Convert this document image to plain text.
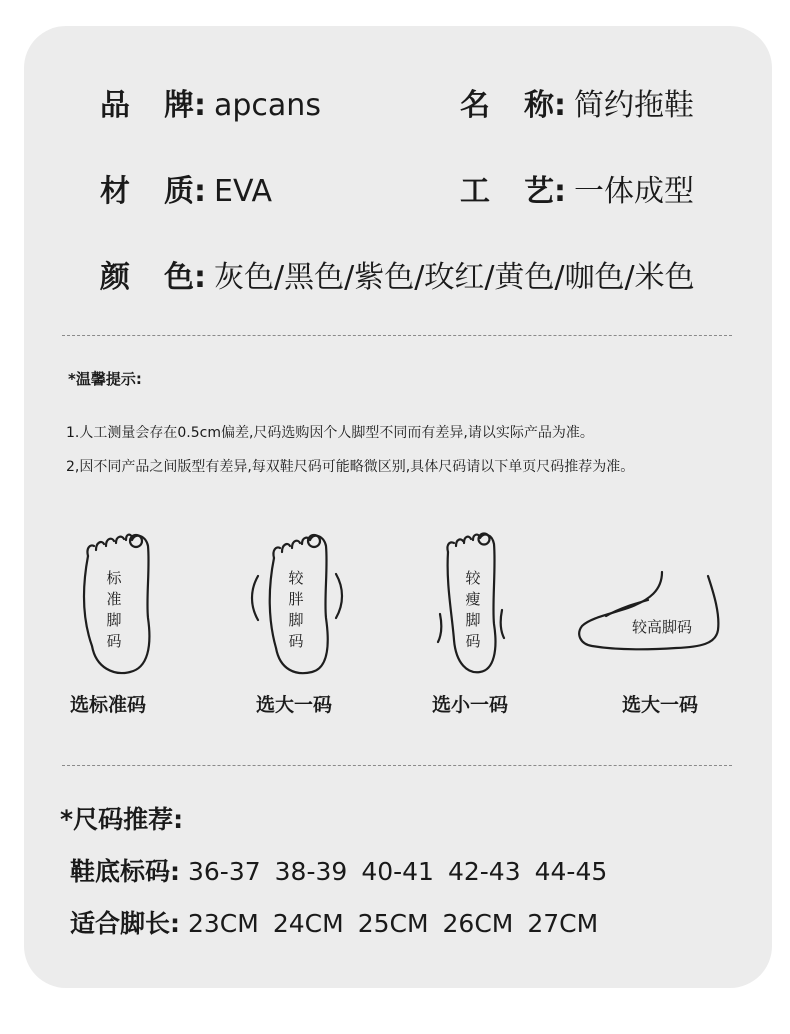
品 牌: apcans	名 称: 简约拖鞋
材 质: EVA	工 艺: 一体成型
颜 色: 灰色/黑色/紫色/玫红/黄色/咖色/米色
*温馨提示:
1.人工测量会存在0.5cm偏差,尺码选购因个人脚型不同而有差异,请以实际产品为准。
2,因不同产品之间版型有差异,每双鞋尺码可能略微区别,具体尺码请以下单页尺码推荐为准。
标
准
脚
码
选标准码
较
胖
脚
码
选大一码
较
瘦
脚
码
选小一码
较高脚码
选大一码
*尺码推荐:
鞋底标码: 36-37 38-39 40-41 42-43 44-45
适合脚长: 23CM 24CM 25CM 26CM 27CM
